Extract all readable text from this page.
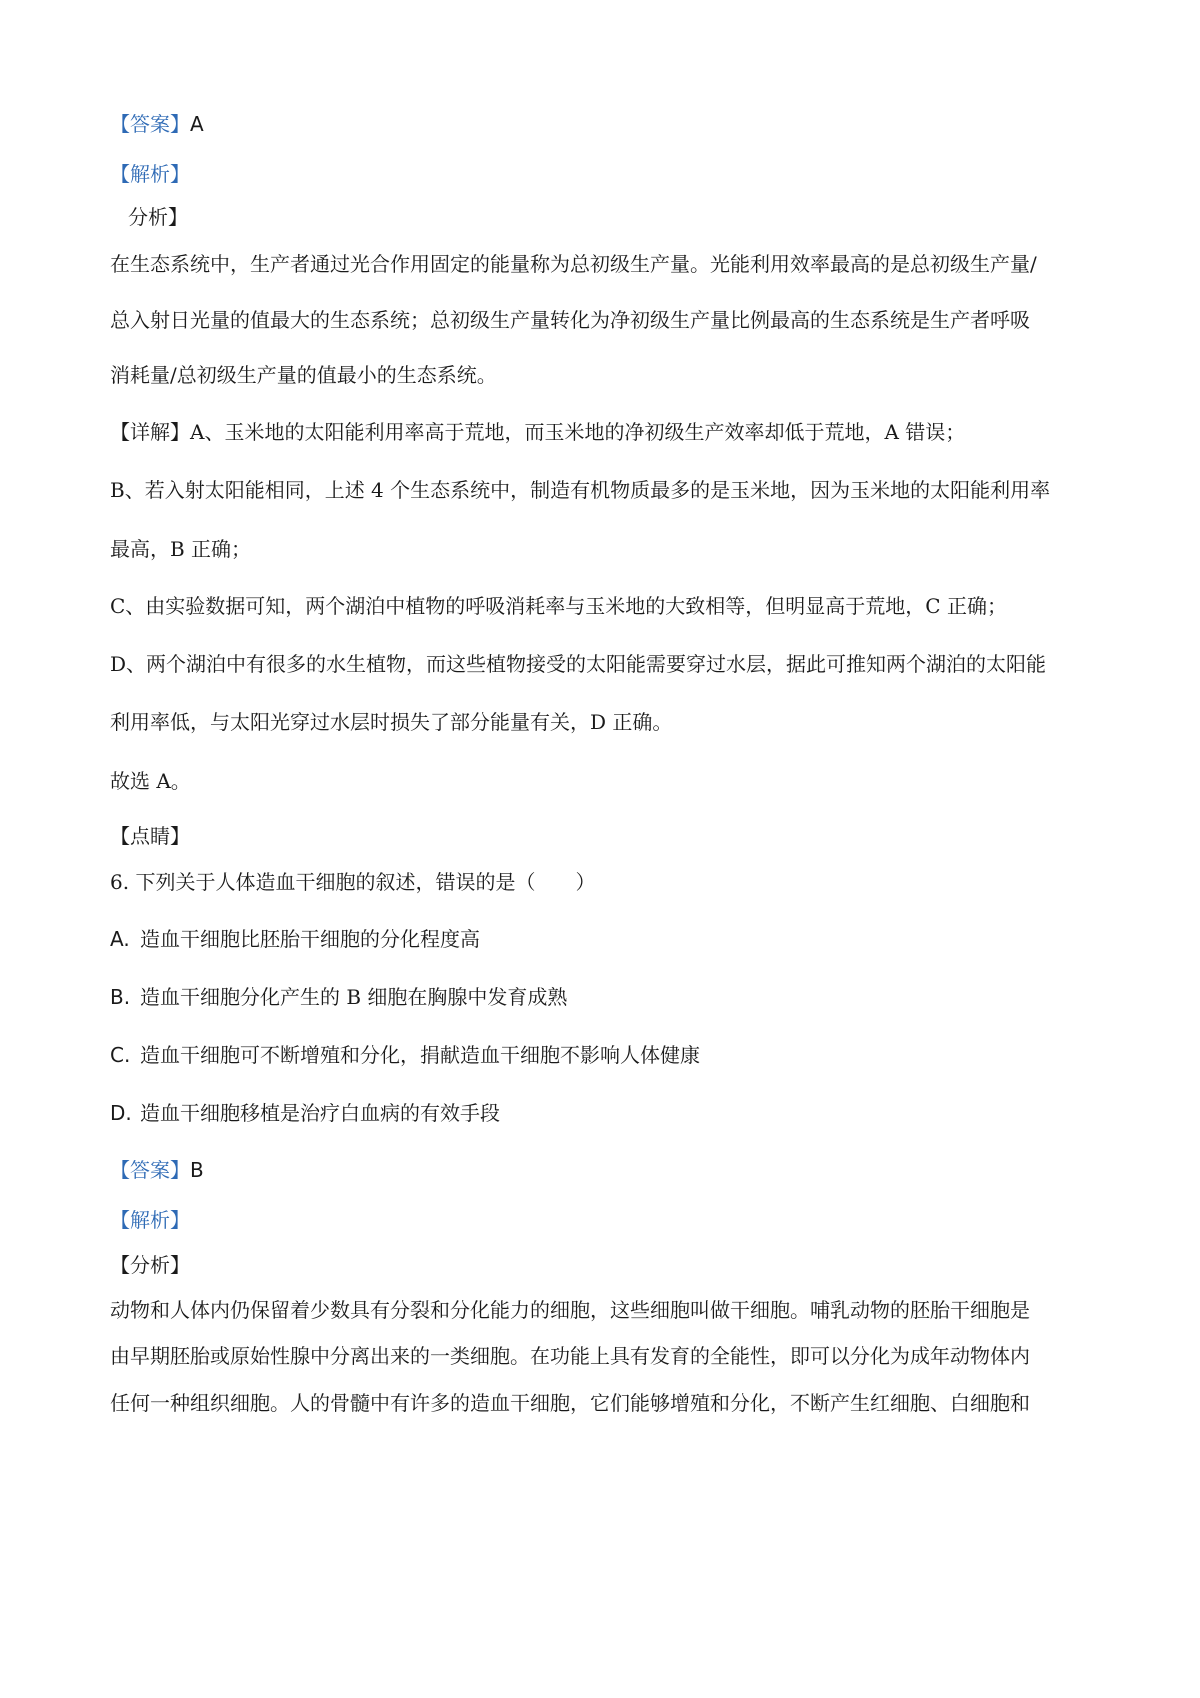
【答案】A
【解析】
分析】
在生态系统中，生产者通过光合作用固定的能量称为总初级生产量。光能利用效率最高的是总初级生产量/
总入射日光量的值最大的生态系统；总初级生产量转化为净初级生产量比例最高的生态系统是生产者呼吸
消耗量/总初级生产量的值最小的生态系统。
【详解】A、玉米地的太阳能利用率高于荒地，而玉米地的净初级生产效率却低于荒地，A 错误；
B、若入射太阳能相同，上述 4 个生态系统中，制造有机物质最多的是玉米地，因为玉米地的太阳能利用率
最高，B 正确；
C、由实验数据可知，两个湖泊中植物的呼吸消耗率与玉米地的大致相等，但明显高于荒地，C 正确；
D、两个湖泊中有很多的水生植物，而这些植物接受的太阳能需要穿过水层，据此可推知两个湖泊的太阳能
利用率低，与太阳光穿过水层时损失了部分能量有关，D 正确。
故选 A。
【点睛】
6. 下列关于人体造血干细胞的叙述，错误的是（　　）
A. 造血干细胞比胚胎干细胞的分化程度高
B. 造血干细胞分化产生的 B 细胞在胸腺中发育成熟
C. 造血干细胞可不断增殖和分化，捐献造血干细胞不影响人体健康
D. 造血干细胞移植是治疗白血病的有效手段
【答案】B
【解析】
【分析】
动物和人体内仍保留着少数具有分裂和分化能力的细胞，这些细胞叫做干细胞。哺乳动物的胚胎干细胞是
由早期胚胎或原始性腺中分离出来的一类细胞。在功能上具有发育的全能性，即可以分化为成年动物体内
任何一种组织细胞。人的骨髓中有许多的造血干细胞，它们能够增殖和分化，不断产生红细胞、白细胞和
